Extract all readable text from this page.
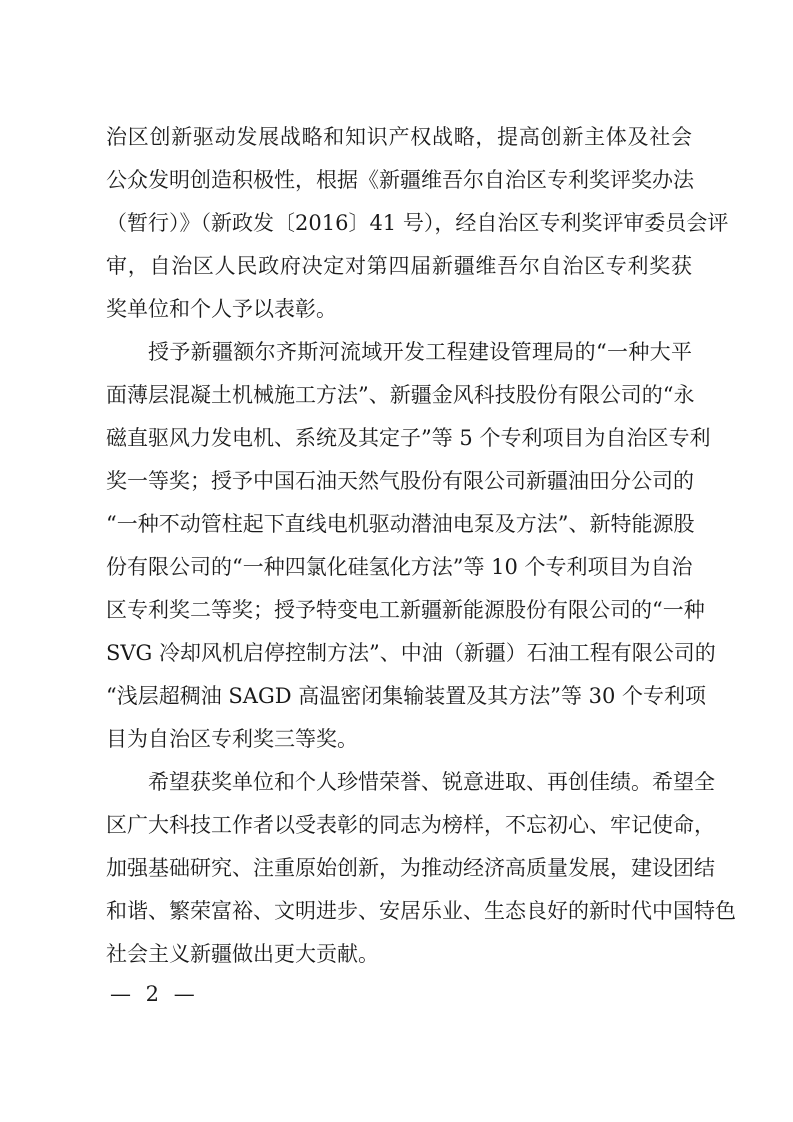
治区创新驱动发展战略和知识产权战略，提高创新主体及社会
公众发明创造积极性，根据《新疆维吾尔自治区专利奖评奖办法
（暂行）》（新政发〔2016〕41 号），经自治区专利奖评审委员会评
审，自治区人民政府决定对第四届新疆维吾尔自治区专利奖获
奖单位和个人予以表彰。
授予新疆额尔齐斯河流域开发工程建设管理局的“一种大平
面薄层混凝土机械施工方法”、新疆金风科技股份有限公司的“永
磁直驱风力发电机、系统及其定子”等 5 个专利项目为自治区专利
奖一等奖；授予中国石油天然气股份有限公司新疆油田分公司的
“一种不动管柱起下直线电机驱动潜油电泵及方法”、新特能源股
份有限公司的“一种四氯化硅氢化方法”等 10 个专利项目为自治
区专利奖二等奖；授予特变电工新疆新能源股份有限公司的“一种
SVG 冷却风机启停控制方法”、中油（新疆）石油工程有限公司的
“浅层超稠油 SAGD 高温密闭集输装置及其方法”等 30 个专利项
目为自治区专利奖三等奖。
希望获奖单位和个人珍惜荣誉、锐意进取、再创佳绩。希望全
区广大科技工作者以受表彰的同志为榜样，不忘初心、牢记使命，
加强基础研究、注重原始创新，为推动经济高质量发展，建设团结
和谐、繁荣富裕、文明进步、安居乐业、生态良好的新时代中国特色
社会主义新疆做出更大贡献。
— 2 —
